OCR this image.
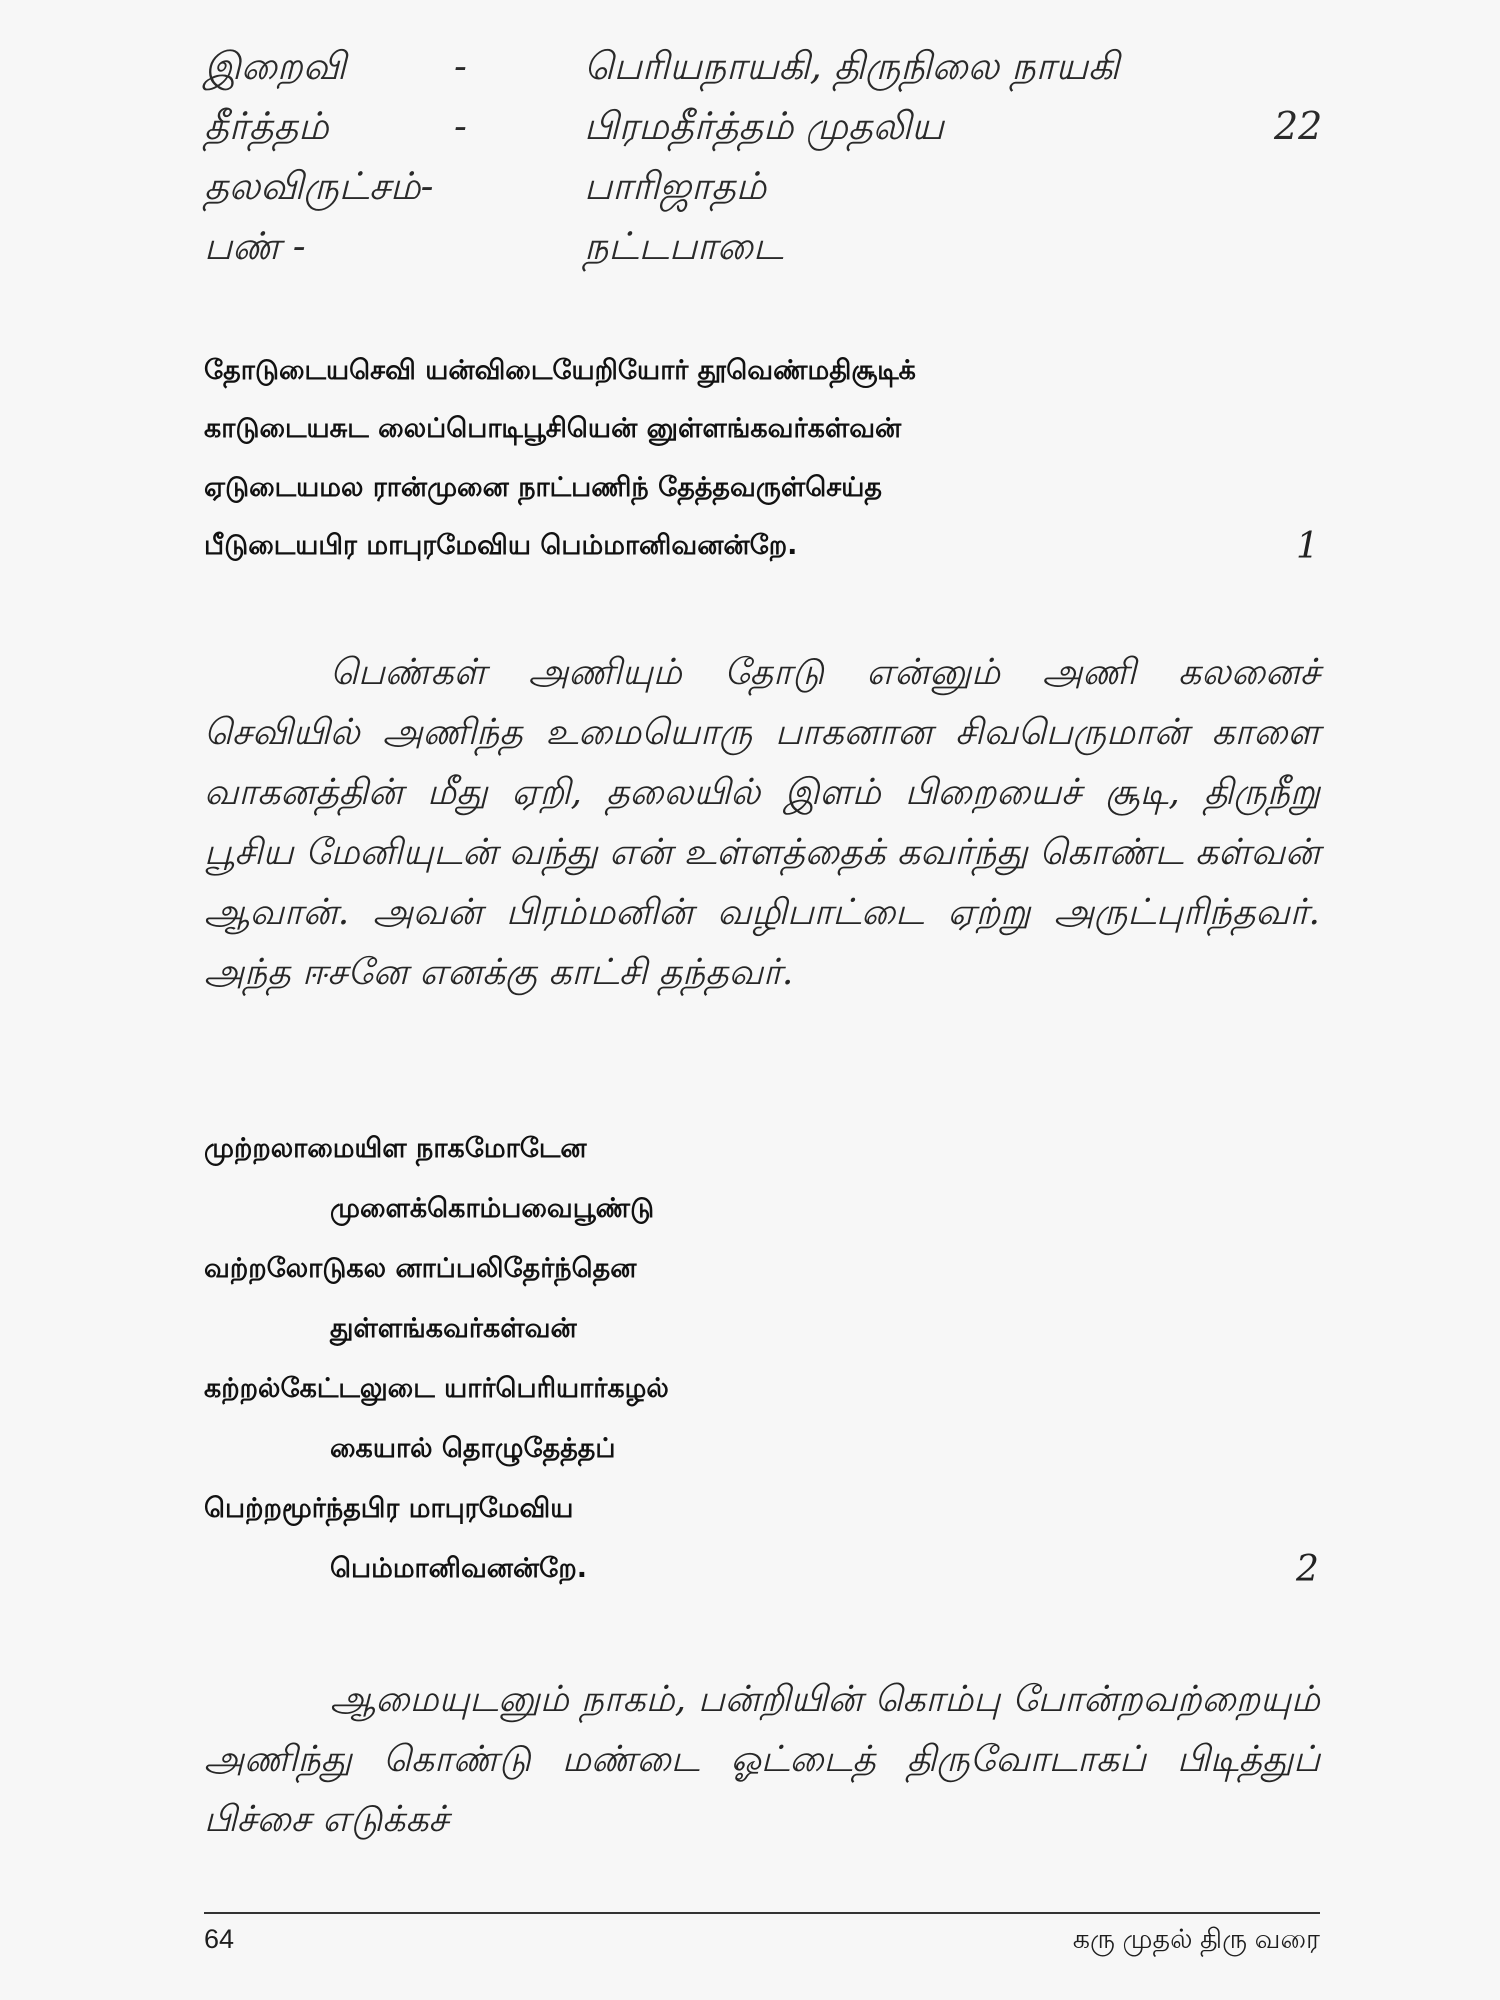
இறைவி	-	பெரியநாயகி, திருநிலை நாயகி
தீர்த்தம்	-	பிரமதீர்த்தம் முதலிய	22
தலவிருட்சம்-	பாரிஜாதம்
பண் -	நட்டபாடை
தோடுடையசெவி யன்விடையேறியோர் தூவெண்மதிசூடிக்
காடுடையசுட லைப்பொடிபூசியென் னுள்ளங்கவர்கள்வன்
ஏடுடையமல ரான்முனை நாட்பணிந் தேத்தவருள்செய்த
பீடுடையபிர மாபுரமேவிய பெம்மானிவனன்றே.	1

பெண்கள் அணியும் தோடு என்னும் அணி கலனைச் செவியில் அணிந்த உமையொரு பாகனான சிவபெருமான் காளை வாகனத்தின் மீது ஏறி, தலையில் இளம் பிறையைச் சூடி, திருநீறு பூசிய மேனியுடன் வந்து என் உள்ளத்தைக் கவர்ந்து கொண்ட கள்வன் ஆவான். அவன் பிரம்மனின் வழிபாட்டை ஏற்று அருட்புரிந்தவர். அந்த ஈசனே எனக்கு காட்சி தந்தவர்.

முற்றலாமையிள நாகமோடேன
முளைக்கொம்பவைபூண்டு
வற்றலோடுகல னாப்பலிதேர்ந்தென
துள்ளங்கவர்கள்வன்
கற்றல்கேட்டலுடை யார்பெரியார்கழல்
கையால் தொழுதேத்தப்
பெற்றமூர்ந்தபிர மாபுரமேவிய
பெம்மானிவனன்றே.	2

ஆமையுடனும் நாகம், பன்றியின் கொம்பு போன்றவற்றையும் அணிந்து கொண்டு மண்டை ஓட்டைத் திருவோடாகப் பிடித்துப் பிச்சை எடுக்கச்

64	கரு முதல் திரு வரை
